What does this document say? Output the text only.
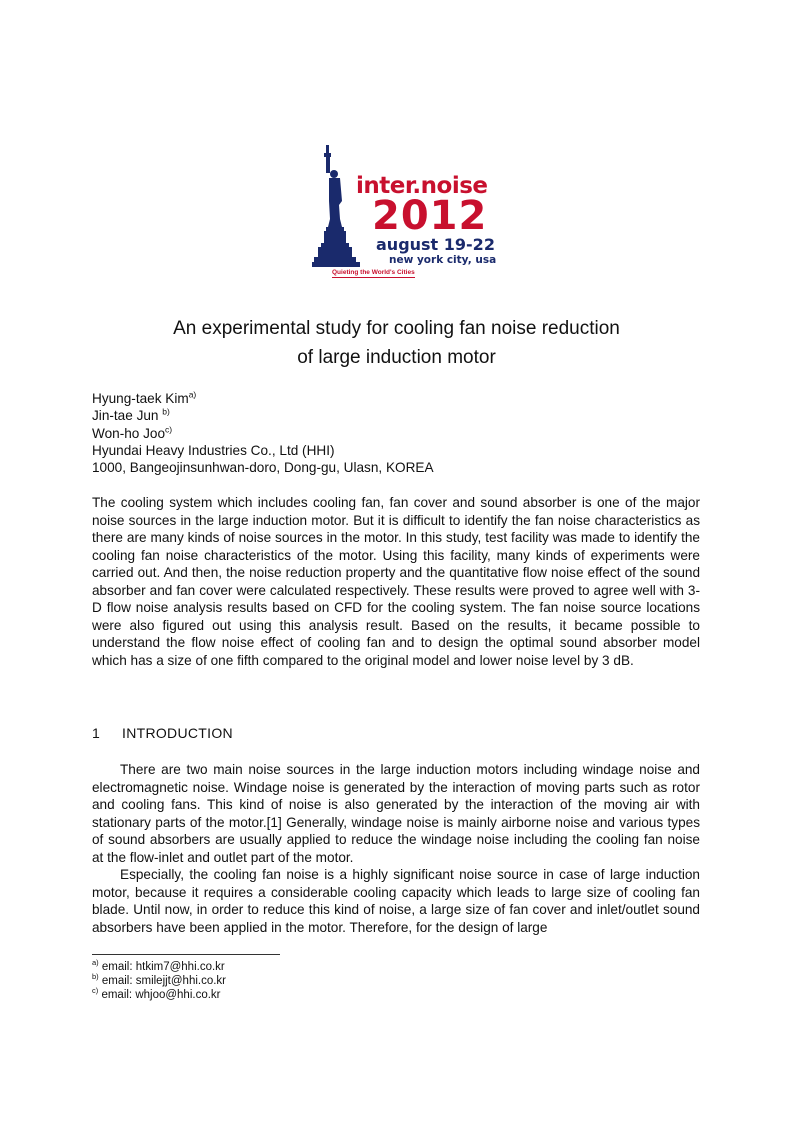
inter.noise
2012
august 19-22
new york city, usa
Quieting the World's Cities
An experimental study for cooling fan noise reduction
of large induction motor
Hyung-taek Kim$^{a)}$
Jin-tae Jun $^{b)}$
Won-ho Joo$^{c)}$
Hyundai Heavy Industries Co., Ltd (HHI)
1000, Bangeojinsunhwan-doro, Dong-gu, Ulasn, KOREA

The cooling system which includes cooling fan, fan cover and sound absorber is one of the major noise sources in the large induction motor. But it is difficult to identify the fan noise characteristics as there are many kinds of noise sources in the motor. In this study, test facility was made to identify the cooling fan noise characteristics of the motor. Using this facility, many kinds of experiments were carried out. And then, the noise reduction property and the quantitative flow noise effect of the sound absorber and fan cover were calculated respectively. These results were proved to agree well with 3-D flow noise analysis results based on CFD for the cooling system. The fan noise source locations were also figured out using this analysis result. Based on the results, it became possible to understand the flow noise effect of cooling fan and to design the optimal sound absorber model which has a size of one fifth compared to the original model and lower noise level by 3 dB.

1 INTRODUCTION

There are two main noise sources in the large induction motors including windage noise and electromagnetic noise. Windage noise is generated by the interaction of moving parts such as rotor and cooling fans. This kind of noise is also generated by the interaction of the moving air with stationary parts of the motor.[1] Generally, windage noise is mainly airborne noise and various types of sound absorbers are usually applied to reduce the windage noise including the cooling fan noise at the flow-inlet and outlet part of the motor.

Especially, the cooling fan noise is a highly significant noise source in case of large induction motor, because it requires a considerable cooling capacity which leads to large size of cooling fan blade. Until now, in order to reduce this kind of noise, a large size of fan cover and inlet/outlet sound absorbers have been applied in the motor. Therefore, for the design of large

$^{a)}$ email: htkim7@hhi.co.kr
$^{b)}$ email: smilejjt@hhi.co.kr
$^{c)}$ email: whjoo@hhi.co.kr
